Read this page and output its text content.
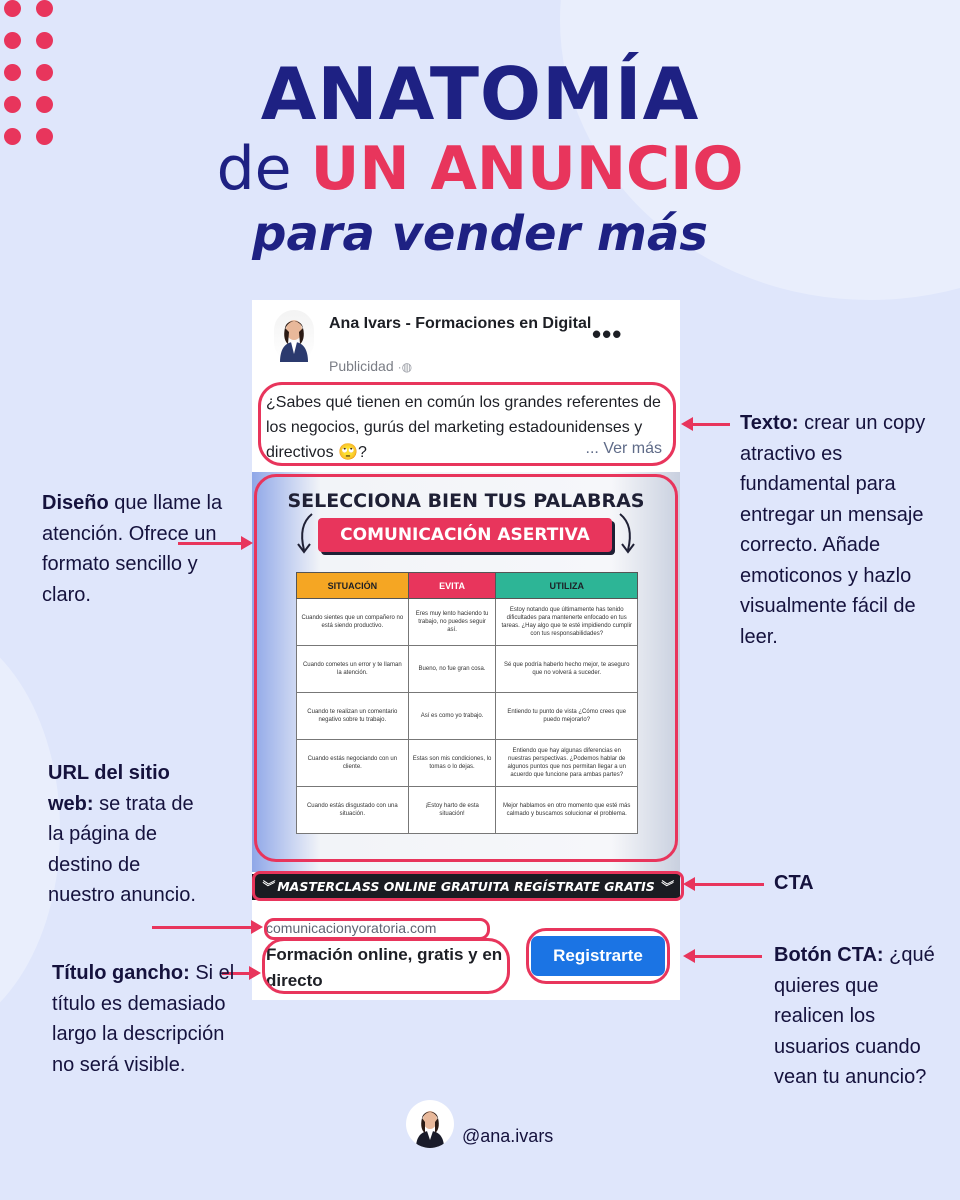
ANATOMÍA
de UN ANUNCIO
para vender más
Ana Ivars - Formaciones en Digital
Publicidad ·◍
•••
¿Sabes qué tienen en común los grandes referentes de los negocios, gurús del marketing estadounidenses y directivos 🙄?	... Ver más
SELECCIONA BIEN TUS PALABRAS
COMUNICACIÓN ASERTIVA
SITUACIÓN	EVITA	UTILIZA
Cuando sientes que un compañero no está siendo productivo.	Eres muy lento haciendo tu trabajo, no puedes seguir así.	Estoy notando que últimamente has tenido dificultades para mantenerte enfocado en tus tareas. ¿Hay algo que te esté impidiendo cumplir con tus responsabilidades?
Cuando cometes un error y te llaman la atención.	Bueno, no fue gran cosa.	Sé que podría haberlo hecho mejor, te aseguro que no volverá a suceder.
Cuando te realizan un comentario negativo sobre tu trabajo.	Así es como yo trabajo.	Entiendo tu punto de vista ¿Cómo crees que puedo mejorarlo?
Cuando estás negociando con un cliente.	Estas son mis condiciones, lo tomas o lo dejas.	Entiendo que hay algunas diferencias en nuestras perspectivas. ¿Podemos hablar de algunos puntos que nos permitan llegar a un acuerdo que funcione para ambas partes?
Cuando estás disgustado con una situación.	¡Estoy harto de esta situación!	Mejor hablamos en otro momento que esté más calmado y buscamos solucionar el problema.
︾ MASTERCLASS ONLINE GRATUITA REGÍSTRATE GRATIS ︾
comunicacionyoratoria.com
Formación online, gratis y en directo
Registrarte
Diseño que llame la atención. Ofrece un formato sencillo y claro.
Texto: crear un copy atractivo es fundamental para entregar un mensaje correcto. Añade emoticonos y hazlo visualmente fácil de leer.
URL del sitio web: se trata de la página de destino de nuestro anuncio.
CTA
Título gancho: Si el título es demasiado largo la descripción no será visible.
Botón CTA: ¿qué quieres que realicen los usuarios cuando vean tu anuncio?
@ana.ivars
